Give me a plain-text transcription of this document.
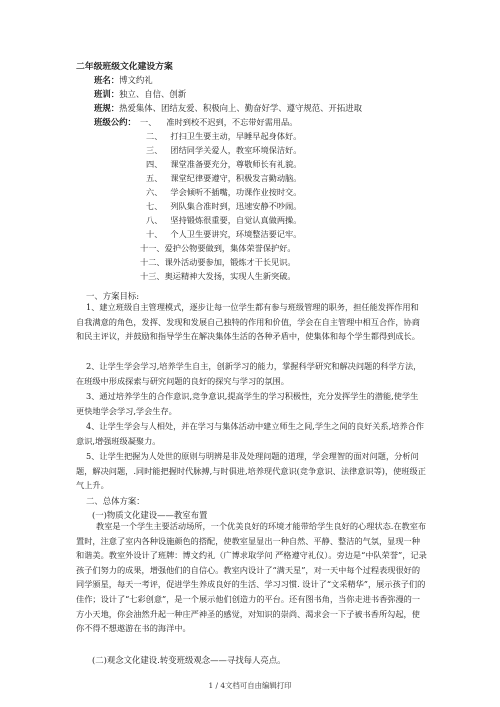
二年级班级文化建设方案
班名：博文约礼
班训：独立、自信、创新
班规：热爱集体、团结友爱、积极向上、勤奋好学、遵守规范、开拓进取
班级公约： 一、 准时到校不迟到，不忘带好需用品。
二、 打扫卫生要主动，早睡早起身体好。
三、 团结同学关爱人，教室环境保洁好。
四、 课堂准备要充分，尊敬师长有礼貌。
五、 课堂纪律要遵守，积极发言勤动脑。
六、 学会倾听不插嘴，功课作业按时交。
七、 列队集合准时到，迅速安静不吵闹。
八、 坚持锻炼很重要，自觉认真做两操。
十、 个人卫生要讲究，环境整洁要记牢。
十一、爱护公物要做到，集体荣誉保护好。
十二、课外活动要参加，锻炼才干长见识。
十三、奥运精神大发扬，实现人生新突破。
一、方案目标:
1、建立班级自主管理模式，逐步让每一位学生都有参与班级管理的职务，担任能发挥作用和自我满意的角色，发挥、发现和发展自己独特的作用和价值，学会在自主管理中相互合作，协商和民主评议，并鼓励和指导学生在解决集体生活的各种矛盾中，使集体和每个学生都得到成长。
2、让学生学会学习,培养学生自主，创新学习的能力，掌握科学研究和解决问题的科学方法，在班级中形成探索与研究问题的良好的探究与学习的氛围。
3、通过培养学生的合作意识,竞争意识,提高学生的学习积极性，充分发挥学生的潜能,使学生更快地学会学习,学会生存。
4、让学生学会与人相处，并在学习与集体活动中建立师生之间,学生之间的良好关系,培养合作意识,增强班级凝聚力。
5、让学生把握为人处世的原则与明辨是非及处理问题的道理，学会理智的面对问题，分析问题，解决问题，.同时能把握时代脉搏,与时俱进,培养现代意识(竞争意识、法律意识等)，使班级正气上升。
二、总体方案：
(一)物质文化建设——教室布置
教室是一个学生主要活动场所，一个优美良好的环境才能带给学生良好的心理状态.在教室布置时，注意了室内各种设施颜色的搭配，使教室显显出一种自然、平静、整洁的气氛，显现一种和谐美。教室外设计了班牌：博文约礼（广博求取学问 严格遵守礼仪）。旁边是“中队荣誉”，记录孩子们努力的成果，增强他们的自信心。教室内设计了“满天星”，对一天中每个过程表现很好的同学颁星，每天一考评，促进学生养成良好的生活、学习习惯. 设计了“文采精华”，展示孩子们的佳作；设计了“七彩创意”，是一个展示他们创造力的平台。还有图书角，当你走进书香弥漫的一方小天地，你会油然升起一种庄严神圣的感觉，对知识的崇尚、渴求会一下子被书香所勾起，使你不得不想遨游在书的海洋中。
(二)观念文化建设.转变班级观念——寻找每人亮点。
1 / 4文档可自由编辑打印
